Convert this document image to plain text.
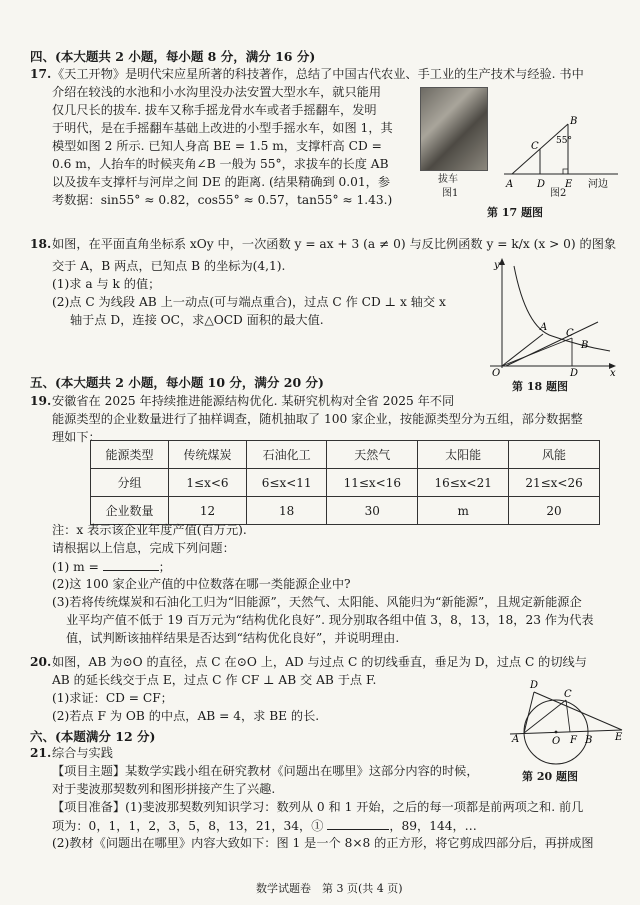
四、(本大题共 2 小题，每小题 8 分，满分 16 分)
17. 《天工开物》是明代宋应星所著的科技著作，总结了中国古代农业、手工业的生产技术与经验. 书中
介绍在较浅的水池和小水沟里没办法安置大型水车，就只能用
仅几尺长的拔车. 拔车又称手摇龙骨水车或者手摇翻车，发明
于明代，是在手摇翻车基础上改进的小型手摇水车，如图 1，其
模型如图 2 所示. 已知人身高 BE = 1.5 m，支撑杆高 CD =
0.6 m，人抬车的时候夹角∠B 一般为 55°，求拔车的长度 AB
以及拔车支撑杆与河岸之间 DE 的距离. (结果精确到 0.01，参
考数据：sin55° ≈ 0.82，cos55° ≈ 0.57，tan55° ≈ 1.43.)
拔车
图1
B
C
A D E
55°
河边
图2
第 17 题图
18. 如图，在平面直角坐标系 xOy 中，一次函数 y = ax + 3 (a ≠ 0) 与反比例函数 y = k/x (x > 0) 的图象
交于 A，B 两点，已知点 B 的坐标为(4,1).
(1)求 a 与 k 的值；
(2)点 C 为线段 AB 上一动点(可与端点重合)，过点 C 作 CD ⊥ x 轴交 x
轴于点 D，连接 OC，求△OCD 面积的最大值.
y
x
O
A
B
C
D
第 18 题图
五、(本大题共 2 小题，每小题 10 分，满分 20 分)
19. 安徽省在 2025 年持续推进能源结构优化. 某研究机构对全省 2025 年不同
能源类型的企业数量进行了抽样调查，随机抽取了 100 家企业，按能源类型分为五组，部分数据整
理如下：
能源类型	传统煤炭	石油化工	天然气	太阳能	风能
分组	1≤x<6	6≤x<11	11≤x<16	16≤x<21	21≤x<26
企业数量	12	18	30	m	20
注：x 表示该企业年度产值(百万元).
请根据以上信息，完成下列问题：
(1) m =	；
(2)这 100 家企业产值的中位数落在哪一类能源企业中?
(3)若将传统煤炭和石油化工归为“旧能源”，天然气、太阳能、风能归为“新能源”，且规定新能源企
业平均产值不低于 19 百万元为“结构优化良好”. 现分别取各组中值 3，8，13，18，23 作为代表
值，试判断该抽样结果是否达到“结构优化良好”，并说明理由.
20. 如图，AB 为⊙O 的直径，点 C 在⊙O 上，AD 与过点 C 的切线垂直，垂足为 D，过点 C 的切线与
AB 的延长线交于点 E，过点 C 作 CF ⊥ AB 交 AB 于点 F.
(1)求证：CD = CF；
(2)若点 F 为 OB 的中点，AB = 4，求 BE 的长.
A	O F B E
C
D
第 20 题图
六、(本题满分 12 分)
21. 综合与实践
【项目主题】某数学实践小组在研究教材《问题出在哪里》这部分内容的时候，
对于斐波那契数列和图形拼接产生了兴趣.
【项目准备】(1)斐波那契数列知识学习：数列从 0 和 1 开始，之后的每一项都是前两项之和. 前几
项为：0，1，1，2，3，5，8，13，21，34，①	，89，144，…
(2)教材《问题出在哪里》内容大致如下：图 1 是一个 8×8 的正方形，将它剪成四部分后，再拼成图
数学试题卷　第 3 页(共 4 页)
